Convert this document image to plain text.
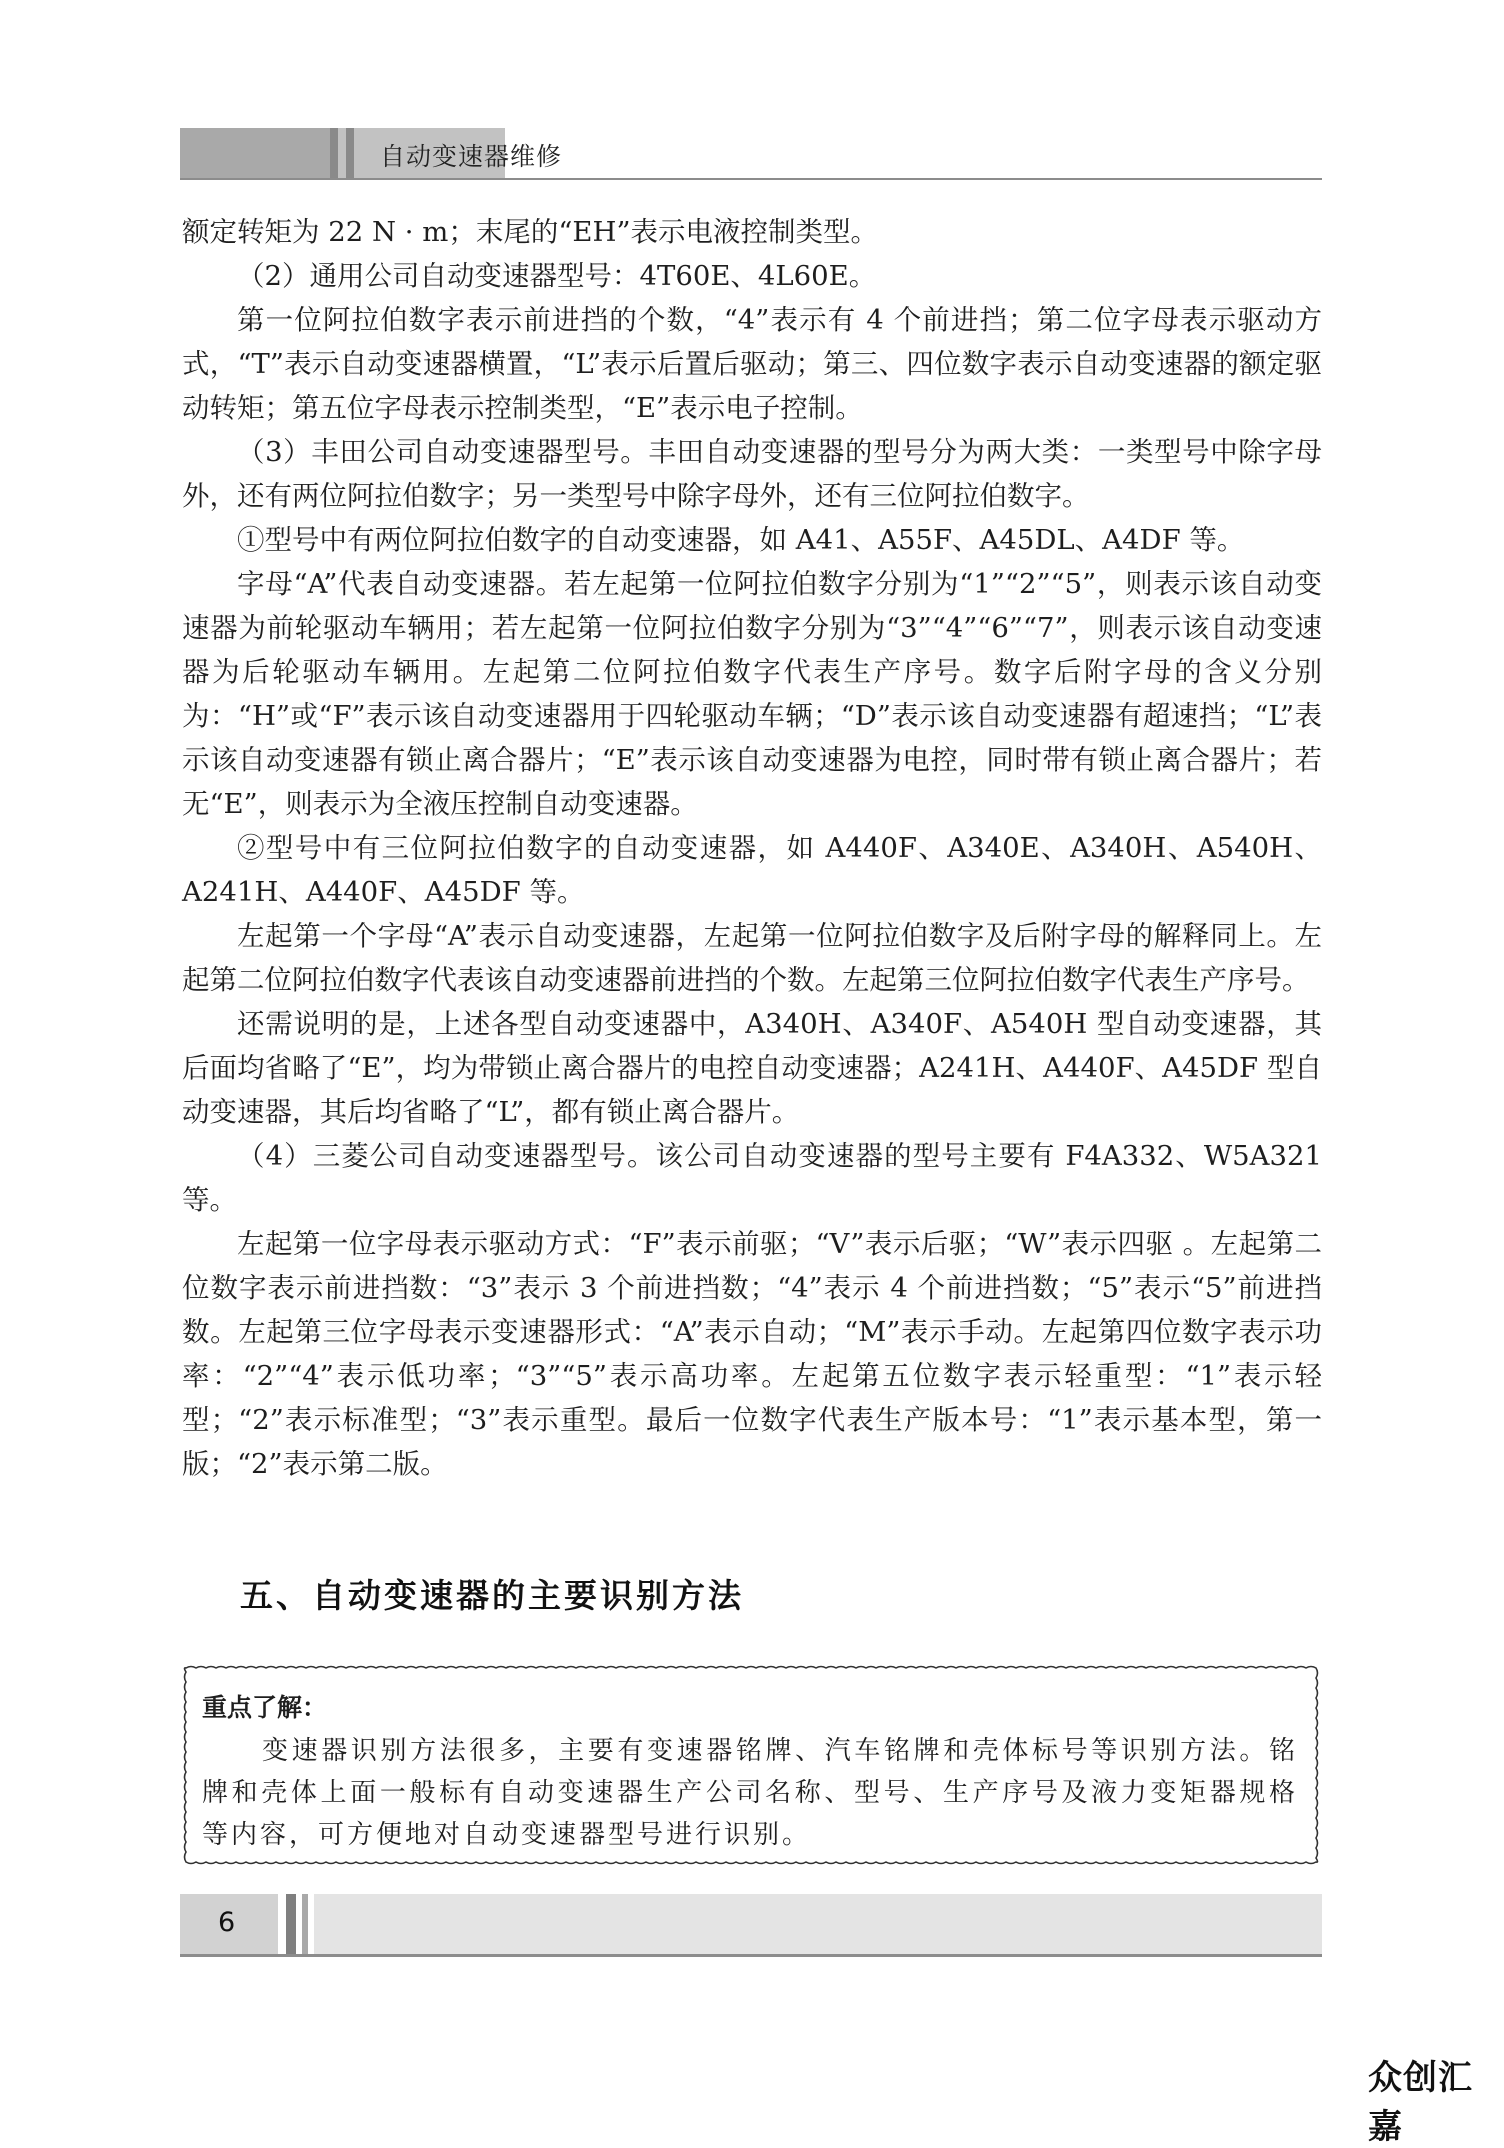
自动变速器维修

额定转矩为 22 N · m；末尾的“EH”表示电液控制类型。

（2）通用公司自动变速器型号：4T60E、4L60E。

第一位阿拉伯数字表示前进挡的个数，“4”表示有 4 个前进挡；第二位字母表示驱动方式，“T”表示自动变速器横置，“L”表示后置后驱动；第三、四位数字表示自动变速器的额定驱动转矩；第五位字母表示控制类型，“E”表示电子控制。

（3）丰田公司自动变速器型号。丰田自动变速器的型号分为两大类：一类型号中除字母外，还有两位阿拉伯数字；另一类型号中除字母外，还有三位阿拉伯数字。

①型号中有两位阿拉伯数字的自动变速器，如 A41、A55F、A45DL、A4DF 等。

字母“A”代表自动变速器。若左起第一位阿拉伯数字分别为“1”“2”“5”，则表示该自动变速器为前轮驱动车辆用；若左起第一位阿拉伯数字分别为“3”“4”“6”“7”，则表示该自动变速器为后轮驱动车辆用。左起第二位阿拉伯数字代表生产序号。数字后附字母的含义分别为：“H”或“F”表示该自动变速器用于四轮驱动车辆；“D”表示该自动变速器有超速挡；“L”表示该自动变速器有锁止离合器片；“E”表示该自动变速器为电控，同时带有锁止离合器片；若无“E”，则表示为全液压控制自动变速器。

②型号中有三位阿拉伯数字的自动变速器，如 A440F、A340E、A340H、A540H、A241H、A440F、A45DF 等。

左起第一个字母“A”表示自动变速器，左起第一位阿拉伯数字及后附字母的解释同上。左起第二位阿拉伯数字代表该自动变速器前进挡的个数。左起第三位阿拉伯数字代表生产序号。

还需说明的是，上述各型自动变速器中，A340H、A340F、A540H 型自动变速器，其后面均省略了“E”，均为带锁止离合器片的电控自动变速器；A241H、A440F、A45DF 型自动变速器，其后均省略了“L”，都有锁止离合器片。

（4）三菱公司自动变速器型号。该公司自动变速器的型号主要有 F4A332、W5A321 等。

左起第一位字母表示驱动方式：“F”表示前驱；“V”表示后驱；“W”表示四驱 。左起第二位数字表示前进挡数：“3”表示 3 个前进挡数；“4”表示 4 个前进挡数；“5”表示“5”前进挡数。左起第三位字母表示变速器形式：“A”表示自动；“M”表示手动。左起第四位数字表示功率：“2”“4”表示低功率；“3”“5”表示高功率。左起第五位数字表示轻重型：“1”表示轻型；“2”表示标准型；“3”表示重型。最后一位数字代表生产版本号：“1”表示基本型，第一版；“2”表示第二版。

五、自动变速器的主要识别方法

重点了解：

变速器识别方法很多，主要有变速器铭牌、汽车铭牌和壳体标号等识别方法。铭牌和壳体上面一般标有自动变速器生产公司名称、型号、生产序号及液力变矩器规格等内容，可方便地对自动变速器型号进行识别。

6
众创汇嘉
